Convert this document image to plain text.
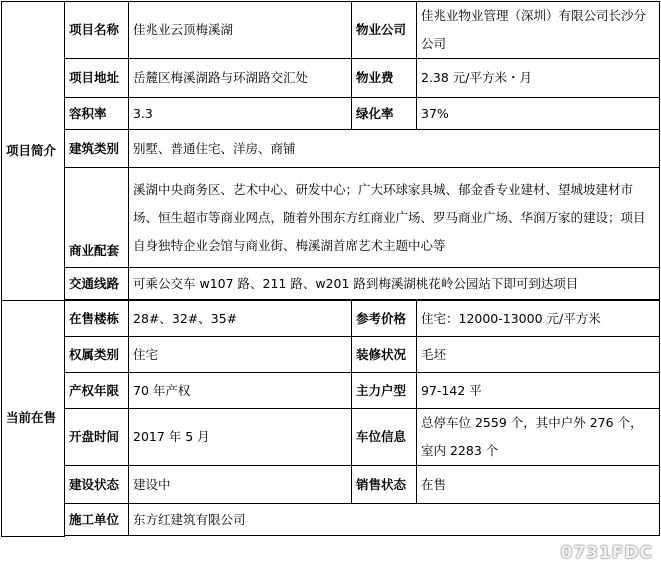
项目简介	项目名称	佳兆业云顶梅溪湖	物业公司	佳兆业物业管理（深圳）有限公司长沙分公司
	项目地址	岳麓区梅溪湖路与环湖路交汇处	物业费	2.38 元/平方米・月
	容积率	3.3	绿化率	37%
	建筑类别	别墅、普通住宅、洋房、商铺		
	商业配套	溪湖中央商务区、艺术中心、研发中心；广大环球家具城、郁金香专业建材、望城坡建材市场、恒生超市等商业网点，随着外围东方红商业广场、罗马商业广场、华润万家的建设；项目自身独特企业会馆与商业街、梅溪湖首席艺术主题中心等		
	交通线路	可乘公交车 w107 路、211 路、w201 路到梅溪湖桃花岭公园站下即可到达项目		

当前在售	在售楼栋	28#、32#、35#	参考价格	住宅：12000-13000 元/平方米
	权属类别	住宅	装修状况	毛坯
	产权年限	70 年产权	主力户型	97-142 平
	开盘时间	2017 年 5 月	车位信息	总停车位 2559 个，其中户外 276 个，室内 2283 个
	建设状态	建设中	销售状态	在售
	施工单位	东方红建筑有限公司		

0731FDC
